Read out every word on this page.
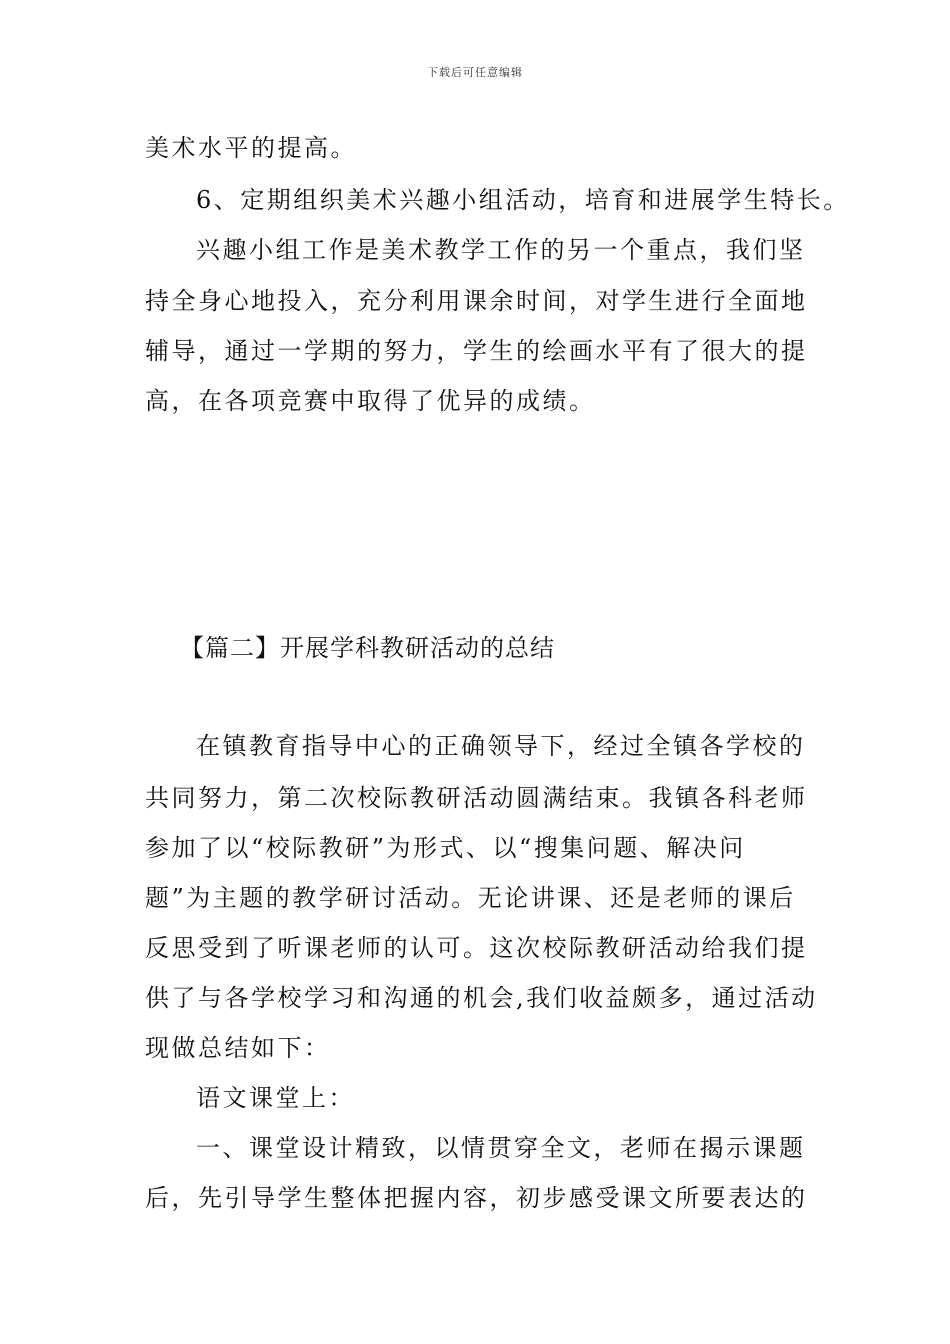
下载后可任意编辑
美术水平的提高。
6、定期组织美术兴趣小组活动，培育和进展学生特长。
兴趣小组工作是美术教学工作的另一个重点，我们坚
持全身心地投入，充分利用课余时间，对学生进行全面地
辅导，通过一学期的努力，学生的绘画水平有了很大的提
高，在各项竞赛中取得了优异的成绩。
【篇二】开展学科教研活动的总结
在镇教育指导中心的正确领导下，经过全镇各学校的
共同努力，第二次校际教研活动圆满结束。我镇各科老师
参加了以“校际教研”为形式、以“搜集问题、解决问
题”为主题的教学研讨活动。无论讲课、还是老师的课后
反思受到了听课老师的认可。这次校际教研活动给我们提
供了与各学校学习和沟通的机会,我们收益颇多，通过活动
现做总结如下：
语文课堂上：
一、课堂设计精致，以情贯穿全文，老师在揭示课题
后，先引导学生整体把握内容，初步感受课文所要表达的
